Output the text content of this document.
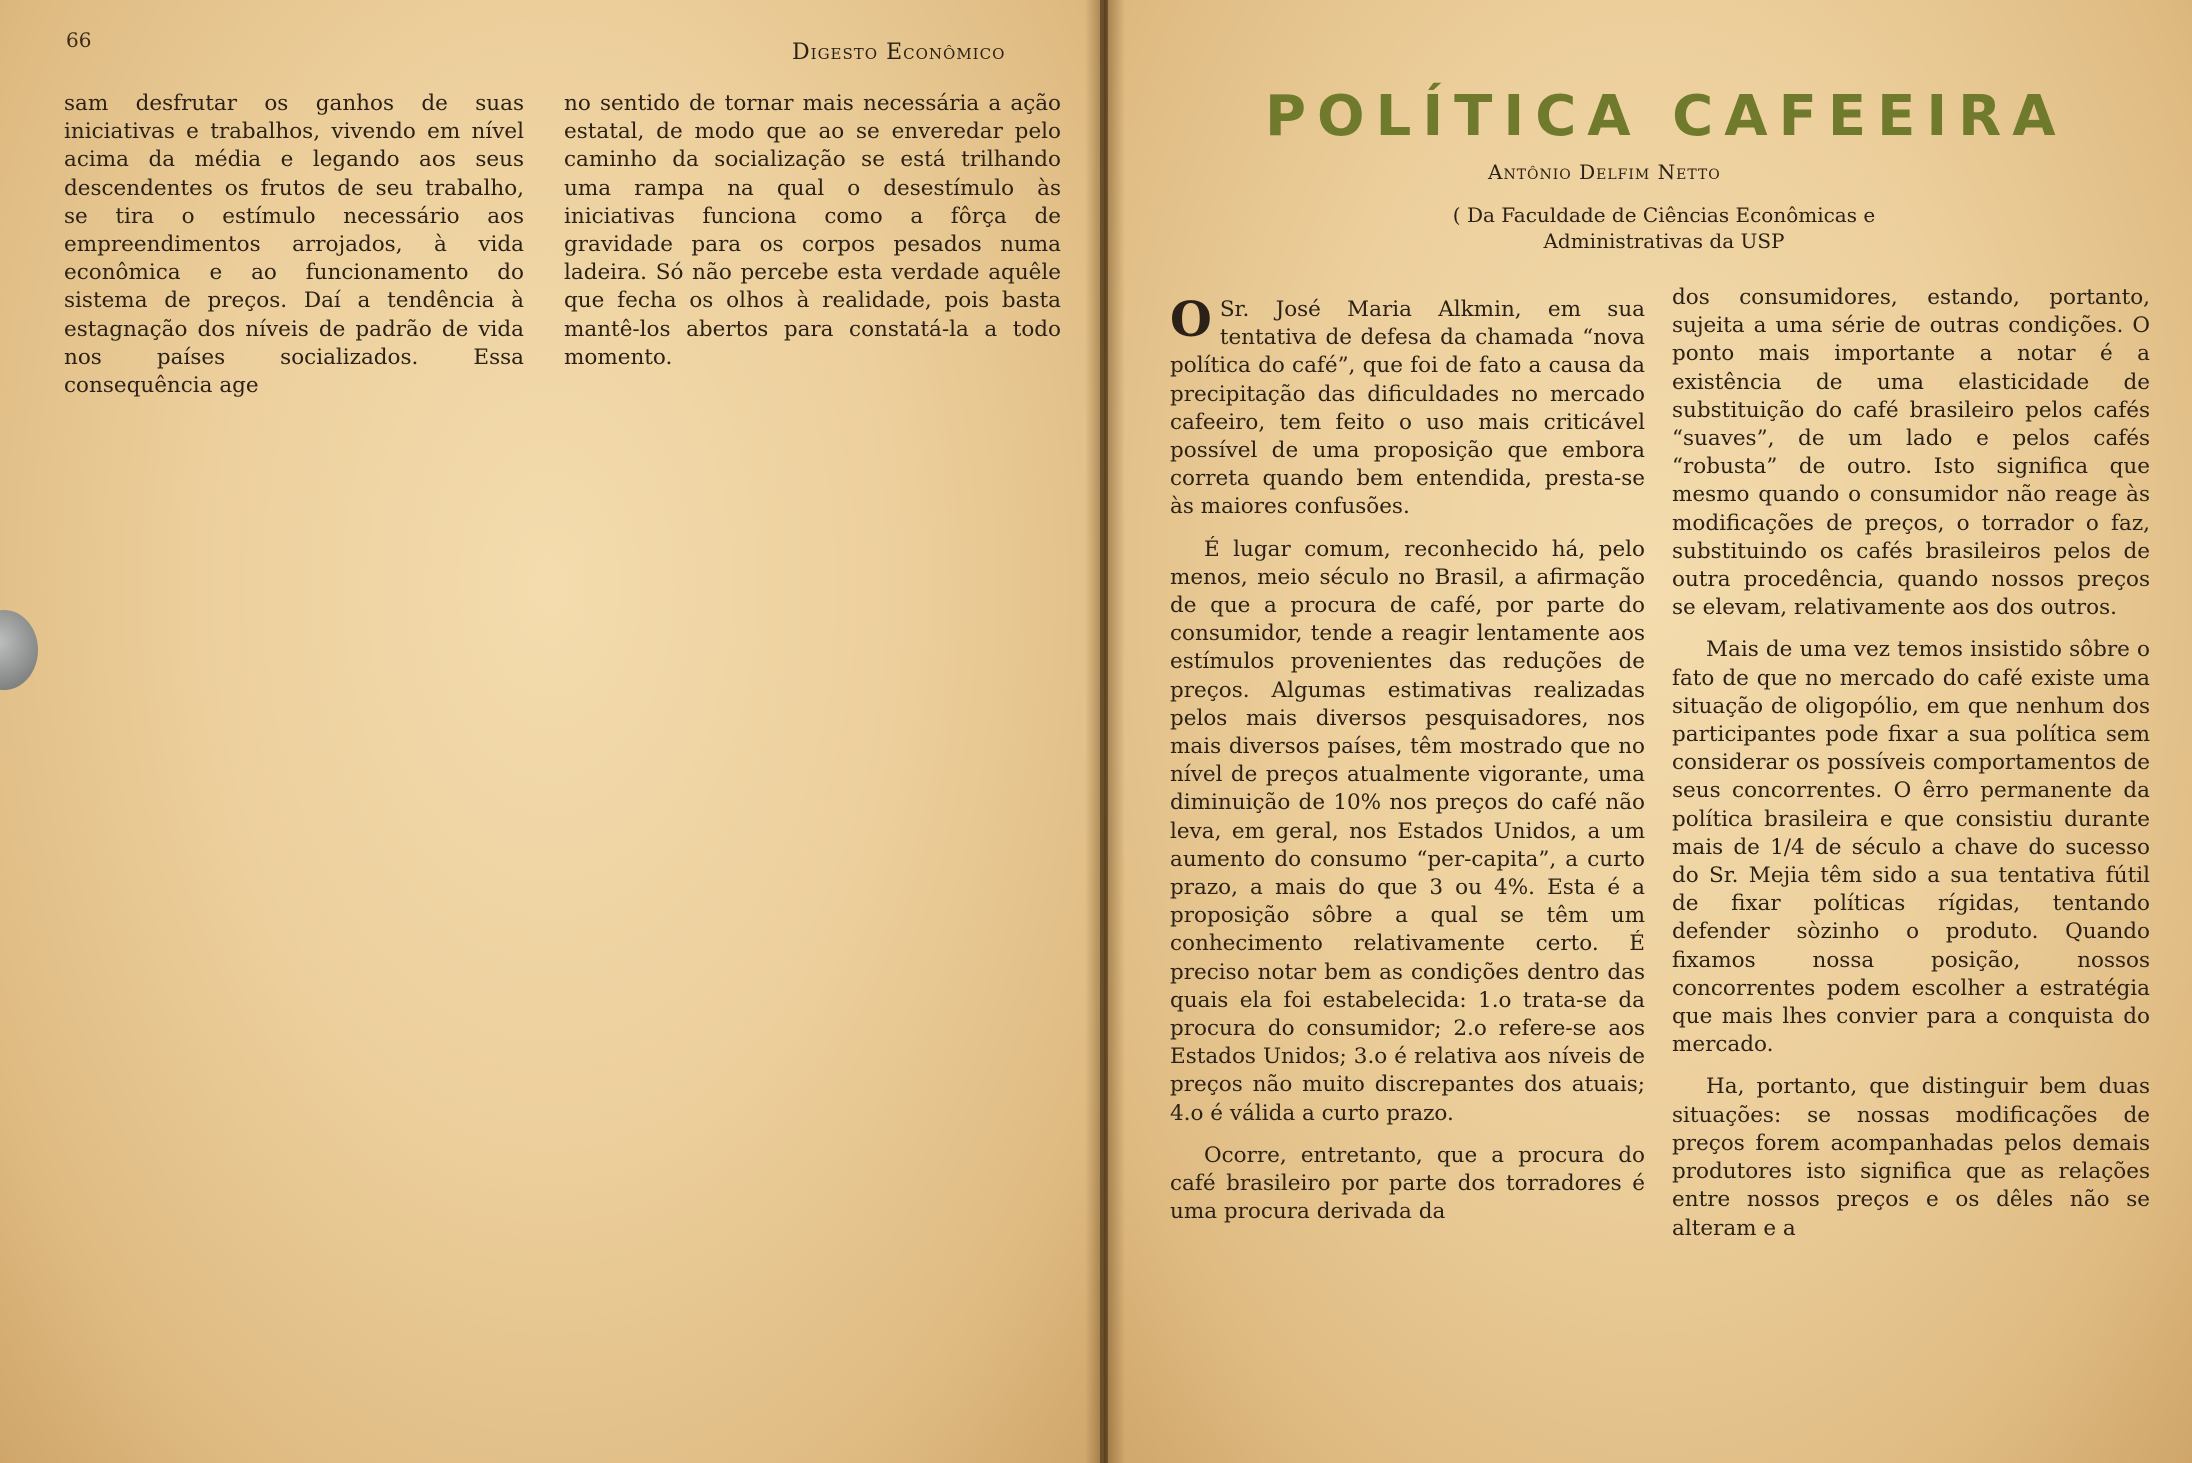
66	Digesto Econômico

sam desfrutar os ganhos de suas iniciativas e trabalhos, vivendo em nível acima da média e legando aos seus descendentes os frutos de seu trabalho, se tira o estímulo necessário aos empreendimentos arrojados, à vida econômica e ao funcionamento do sistema de preços. Daí a tendência à estagnação dos níveis de padrão de vida nos países socializados. Essa consequência age

no sentido de tornar mais necessária a ação estatal, de modo que ao se enveredar pelo caminho da socialização se está trilhando uma rampa na qual o desestímulo às iniciativas funciona como a fôrça de gravidade para os corpos pesados numa ladeira. Só não percebe esta verdade aquêle que fecha os olhos à realidade, pois basta mantê-los abertos para constatá-la a todo momento.

POLÍTICA CAFEEIRA
Antônio Delfim Netto
( Da Faculdade de Ciências Econômicas e Administrativas da USP

O Sr. José Maria Alkmin, em sua tentativa de defesa da chamada “nova política do café”, que foi de fato a causa da precipitação das dificuldades no mercado cafeeiro, tem feito o uso mais criticável possível de uma proposição que embora correta quando bem entendida, presta-se às maiores confusões.

É lugar comum, reconhecido há, pelo menos, meio século no Brasil, a afirmação de que a procura de café, por parte do consumidor, tende a reagir lentamente aos estímulos provenientes das reduções de preços. Algumas estimativas realizadas pelos mais diversos pesquisadores, nos mais diversos países, têm mostrado que no nível de preços atualmente vigorante, uma diminuição de 10% nos preços do café não leva, em geral, nos Estados Unidos, a um aumento do consumo “per-capita”, a curto prazo, a mais do que 3 ou 4%. Esta é a proposição sôbre a qual se têm um conhecimento relativamente certo. É preciso notar bem as condições dentro das quais ela foi estabelecida: 1.o trata-se da procura do consumidor; 2.o refere-se aos Estados Unidos; 3.o é relativa aos níveis de preços não muito discrepantes dos atuais; 4.o é válida a curto prazo.

Ocorre, entretanto, que a procura do café brasileiro por parte dos torradores é uma procura derivada da

dos consumidores, estando, portanto, sujeita a uma série de outras condições. O ponto mais importante a notar é a existência de uma elasticidade de substituição do café brasileiro pelos cafés “suaves”, de um lado e pelos cafés “robusta” de outro. Isto significa que mesmo quando o consumidor não reage às modificações de preços, o torrador o faz, substituindo os cafés brasileiros pelos de outra procedência, quando nossos preços se elevam, relativamente aos dos outros.

Mais de uma vez temos insistido sôbre o fato de que no mercado do café existe uma situação de oligopólio, em que nenhum dos participantes pode fixar a sua política sem considerar os possíveis comportamentos de seus concorrentes. O êrro permanente da política brasileira e que consistiu durante mais de 1/4 de século a chave do sucesso do Sr. Mejia têm sido a sua tentativa fútil de fixar políticas rígidas, tentando defender sòzinho o produto. Quando fixamos nossa posição, nossos concorrentes podem escolher a estratégia que mais lhes convier para a conquista do mercado.

Ha, portanto, que distinguir bem duas situações: se nossas modificações de preços forem acompanhadas pelos demais produtores isto significa que as relações entre nossos preços e os dêles não se alteram e a
